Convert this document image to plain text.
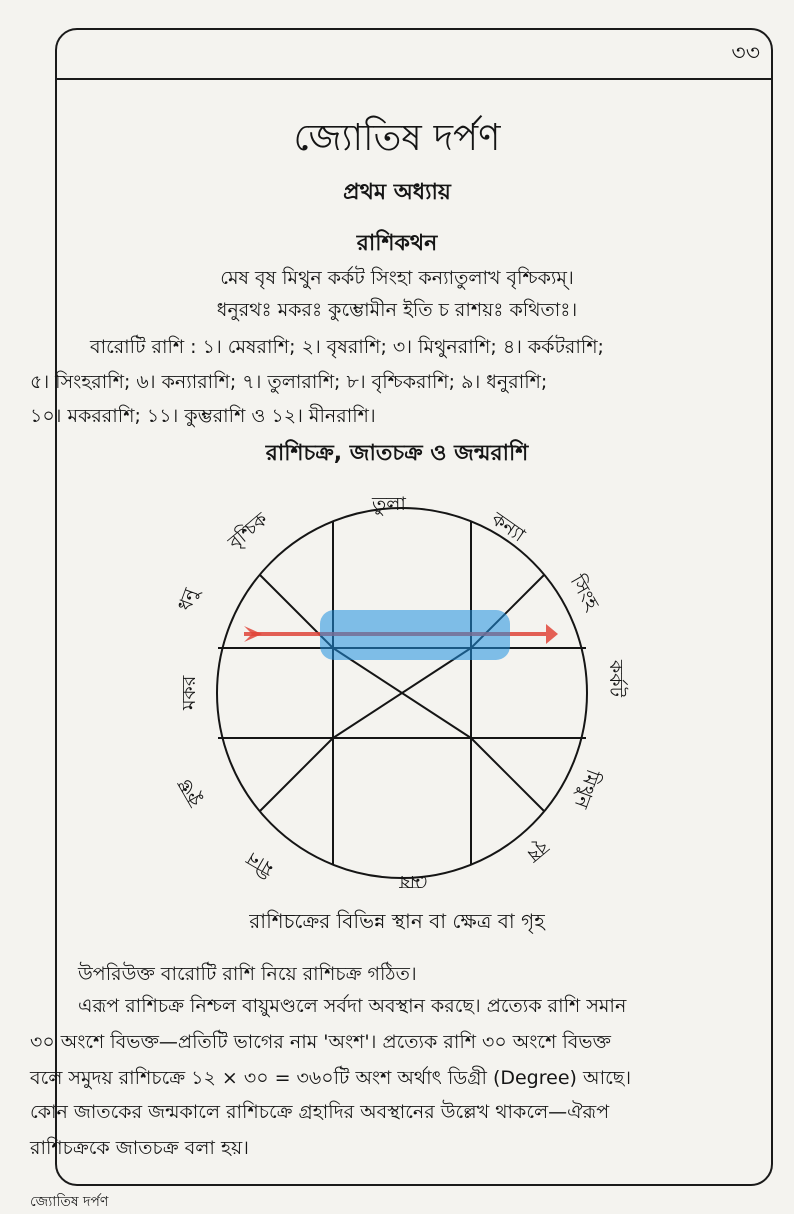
৩৩
জ্যোতিষ দর্পণ
প্রথম অধ্যায়
রাশিকথন
মেষ বৃষ মিথুন কর্কট সিংহা কন্যাতুলাখ বৃশ্চিক্যম্।
ধনুরথঃ মকরঃ কুম্ভোমীন ইতি চ রাশয়ঃ কথিতাঃ।
বারোটি রাশি : ১। মেষরাশি; ২। বৃষরাশি; ৩। মিথুনরাশি; ৪। কর্কটরাশি;
৫। সিংহরাশি; ৬। কন্যারাশি; ৭। তুলারাশি; ৮। বৃশ্চিকরাশি; ৯। ধনুরাশি;
১০। মকররাশি; ১১। কুম্ভরাশি ও ১২। মীনরাশি।
রাশিচক্র, জাতচক্র ও জন্মরাশি
তুলা
বৃশ্চিক	কন্যা
ধনু	সিংহ
মকর	কর্কট
কুম্ভ	মিথুন
মীন	বৃষ
মেষ
রাশিচক্রের বিভিন্ন স্থান বা ক্ষেত্র বা গৃহ
উপরিউক্ত বারোটি রাশি নিয়ে রাশিচক্র গঠিত।
এরূপ রাশিচক্র নিশ্চল বায়ুমণ্ডলে সর্বদা অবস্থান করছে। প্রত্যেক রাশি সমান
৩০ অংশে বিভক্ত—প্রতিটি ভাগের নাম 'অংশ'। প্রত্যেক রাশি ৩০ অংশে বিভক্ত
বলে সমুদয় রাশিচক্রে ১২ × ৩০ = ৩৬০টি অংশ অর্থাৎ ডিগ্রী (Degree) আছে।
কোন জাতকের জন্মকালে রাশিচক্রে গ্রহাদির অবস্থানের উল্লেখ থাকলে—ঐরূপ
রাশিচক্রকে জাতচক্র বলা হয়।
জ্যোতিষ দর্পণ
